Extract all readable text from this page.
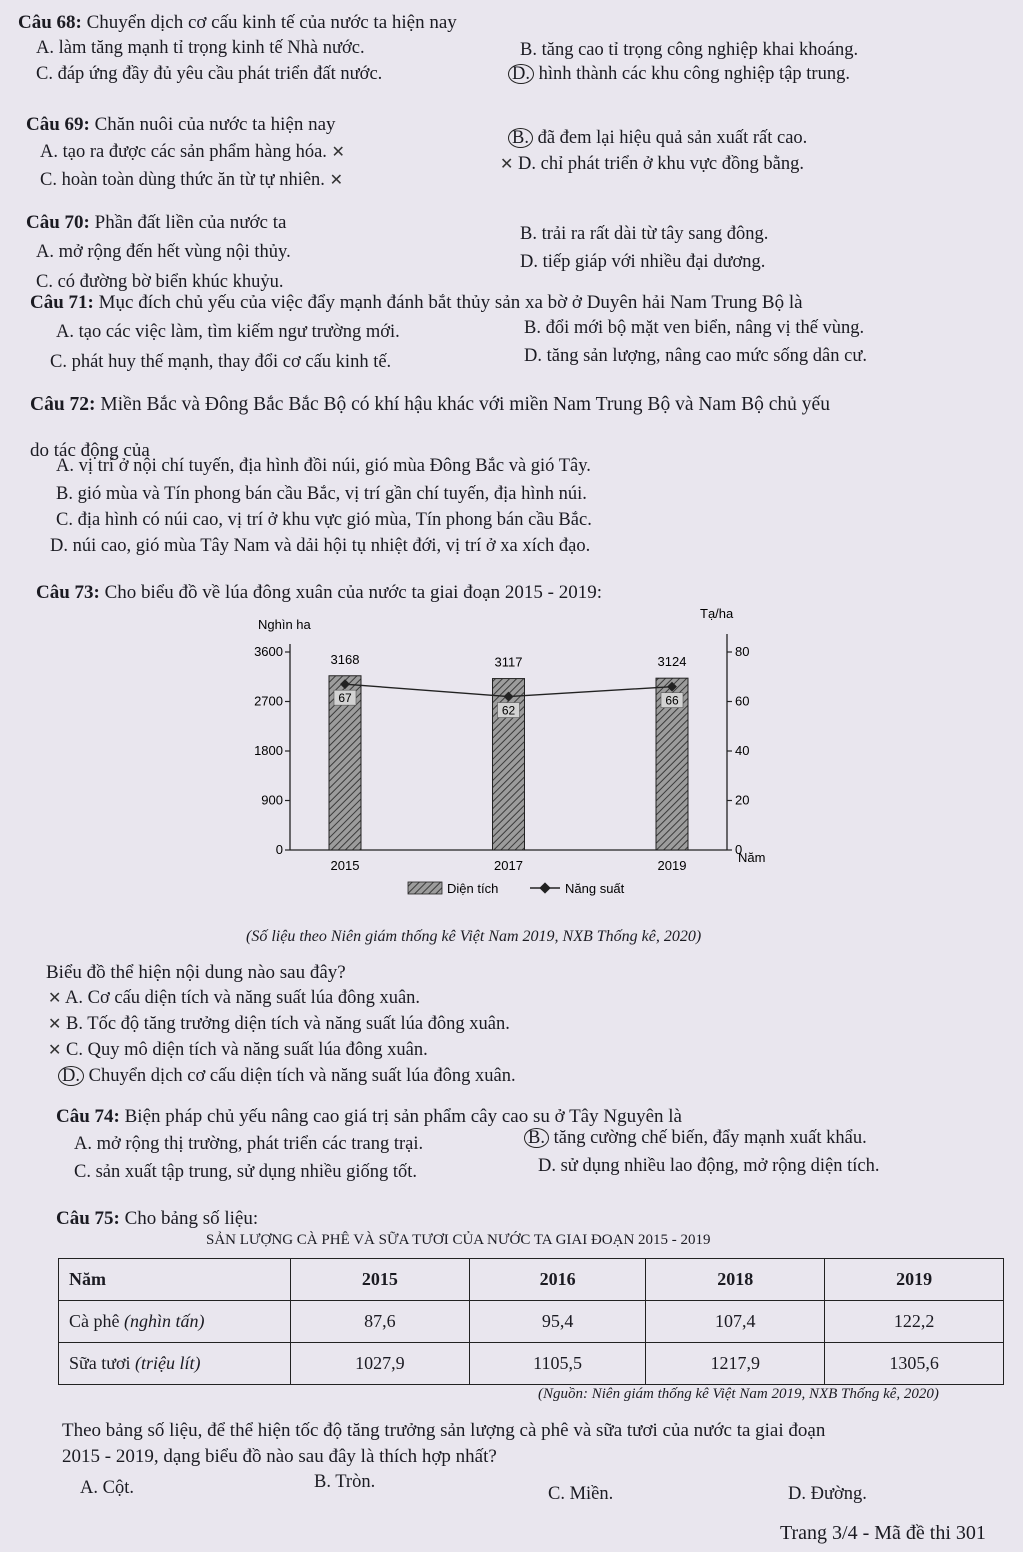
Câu 68: Chuyển dịch cơ cấu kinh tế của nước ta hiện nay
A. làm tăng mạnh tỉ trọng kinh tế Nhà nước.	B. tăng cao tỉ trọng công nghiệp khai khoáng.
C. đáp ứng đầy đủ yêu cầu phát triển đất nước.	D. hình thành các khu công nghiệp tập trung.
Câu 69: Chăn nuôi của nước ta hiện nay
A. tạo ra được các sản phẩm hàng hóa. ✕
B. đã đem lại hiệu quả sản xuất rất cao.
C. hoàn toàn dùng thức ăn từ tự nhiên. ✕
✕ D. chỉ phát triển ở khu vực đồng bằng.
Câu 70: Phần đất liền của nước ta
A. mở rộng đến hết vùng nội thủy.
B. trải ra rất dài từ tây sang đông.
C. có đường bờ biển khúc khuỷu.
D. tiếp giáp với nhiều đại dương.
Câu 71: Mục đích chủ yếu của việc đẩy mạnh đánh bắt thủy sản xa bờ ở Duyên hải Nam Trung Bộ là
A. tạo các việc làm, tìm kiếm ngư trường mới.	B. đổi mới bộ mặt ven biển, nâng vị thế vùng.
C. phát huy thế mạnh, thay đổi cơ cấu kinh tế.	D. tăng sản lượng, nâng cao mức sống dân cư.
Câu 72: Miền Bắc và Đông Bắc Bắc Bộ có khí hậu khác với miền Nam Trung Bộ và Nam Bộ chủ yếu
do tác động của
A. vị trí ở nội chí tuyến, địa hình đồi núi, gió mùa Đông Bắc và gió Tây.
B. gió mùa và Tín phong bán cầu Bắc, vị trí gần chí tuyến, địa hình núi.
C. địa hình có núi cao, vị trí ở khu vực gió mùa, Tín phong bán cầu Bắc.
D. núi cao, gió mùa Tây Nam và dải hội tụ nhiệt đới, vị trí ở xa xích đạo.
Câu 73: Cho biểu đồ về lúa đông xuân của nước ta giai đoạn 2015 - 2019:
Nghìn ha
Tạ/ha
0
900
1800
2700
3600
0
20
40
60
80
3168
2015
3117
2017
3124
2019
67
62
66
Năm
Diện tích	Năng suất
(Số liệu theo Niên giám thống kê Việt Nam 2019, NXB Thống kê, 2020)
Biểu đồ thể hiện nội dung nào sau đây?
✕ A. Cơ cấu diện tích và năng suất lúa đông xuân.
✕ B. Tốc độ tăng trưởng diện tích và năng suất lúa đông xuân.
✕ C. Quy mô diện tích và năng suất lúa đông xuân.
D. Chuyển dịch cơ cấu diện tích và năng suất lúa đông xuân.
Câu 74: Biện pháp chủ yếu nâng cao giá trị sản phẩm cây cao su ở Tây Nguyên là
A. mở rộng thị trường, phát triển các trang trại.	B. tăng cường chế biến, đẩy mạnh xuất khẩu.
C. sản xuất tập trung, sử dụng nhiều giống tốt.	D. sử dụng nhiều lao động, mở rộng diện tích.
Câu 75: Cho bảng số liệu:
SẢN LƯỢNG CÀ PHÊ VÀ SỮA TƯƠI CỦA NƯỚC TA GIAI ĐOẠN 2015 - 2019
Năm	2015	2016	2018	2019
Cà phê (nghìn tấn)	87,6	95,4	107,4	122,2
Sữa tươi (triệu lít)	1027,9	1105,5	1217,9	1305,6
(Nguồn: Niên giám thống kê Việt Nam 2019, NXB Thống kê, 2020)
Theo bảng số liệu, để thể hiện tốc độ tăng trưởng sản lượng cà phê và sữa tươi của nước ta giai đoạn
2015 - 2019, dạng biểu đồ nào sau đây là thích hợp nhất?
A. Cột.	B. Tròn.
C. Miền.	D. Đường.
Trang 3/4 - Mã đề thi 301
